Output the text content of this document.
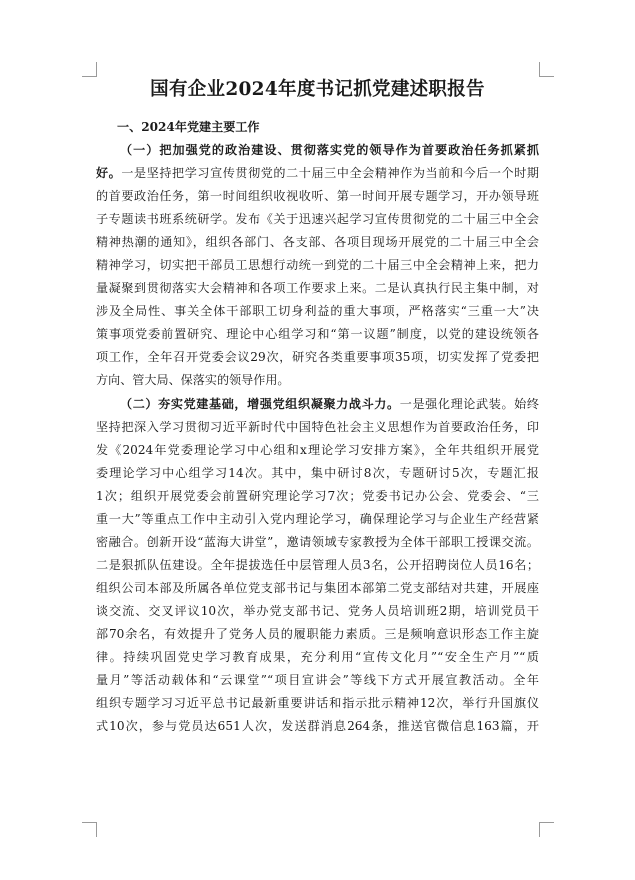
国有企业2024年度书记抓党建述职报告
一、2024年党建主要工作
（一）把加强党的政治建设、贯彻落实党的领导作为首要政治任务抓紧抓
好。一是坚持把学习宣传贯彻党的二十届三中全会精神作为当前和今后一个时期
的首要政治任务，第一时间组织收视收听、第一时间开展专题学习，开办领导班
子专题读书班系统研学。发布《关于迅速兴起学习宣传贯彻党的二十届三中全会
精神热潮的通知》，组织各部门、各支部、各项目现场开展党的二十届三中全会
精神学习，切实把干部员工思想行动统一到党的二十届三中全会精神上来，把力
量凝聚到贯彻落实大会精神和各项工作要求上来。二是认真执行民主集中制，对
涉及全局性、事关全体干部职工切身利益的重大事项，严格落实“三重一大”决
策事项党委前置研究、理论中心组学习和“第一议题”制度，以党的建设统领各
项工作，全年召开党委会议29次，研究各类重要事项35项，切实发挥了党委把
方向、管大局、保落实的领导作用。
（二）夯实党建基础，增强党组织凝聚力战斗力。一是强化理论武装。始终
坚持把深入学习贯彻习近平新时代中国特色社会主义思想作为首要政治任务，印
发《2024年党委理论学习中心组和x理论学习安排方案》，全年共组织开展党
委理论学习中心组学习14次。其中，集中研讨8次，专题研讨5次，专题汇报
1次；组织开展党委会前置研究理论学习7次；党委书记办公会、党委会、“三
重一大”等重点工作中主动引入党内理论学习，确保理论学习与企业生产经营紧
密融合。创新开设“蓝海大讲堂”，邀请领域专家教授为全体干部职工授课交流。
二是狠抓队伍建设。全年提拔选任中层管理人员3名，公开招聘岗位人员16名；
组织公司本部及所属各单位党支部书记与集团本部第二党支部结对共建，开展座
谈交流、交叉评议10次，举办党支部书记、党务人员培训班2期，培训党员干
部70余名，有效提升了党务人员的履职能力素质。三是频响意识形态工作主旋
律。持续巩固党史学习教育成果，充分利用“宣传文化月”“安全生产月”“质
量月”等活动载体和“云课堂”“项目宣讲会”等线下方式开展宣教活动。全年
组织专题学习习近平总书记最新重要讲话和指示批示精神12次，举行升国旗仪
式10次，参与党员达651人次，发送群消息264条，推送官微信息163篇，开
